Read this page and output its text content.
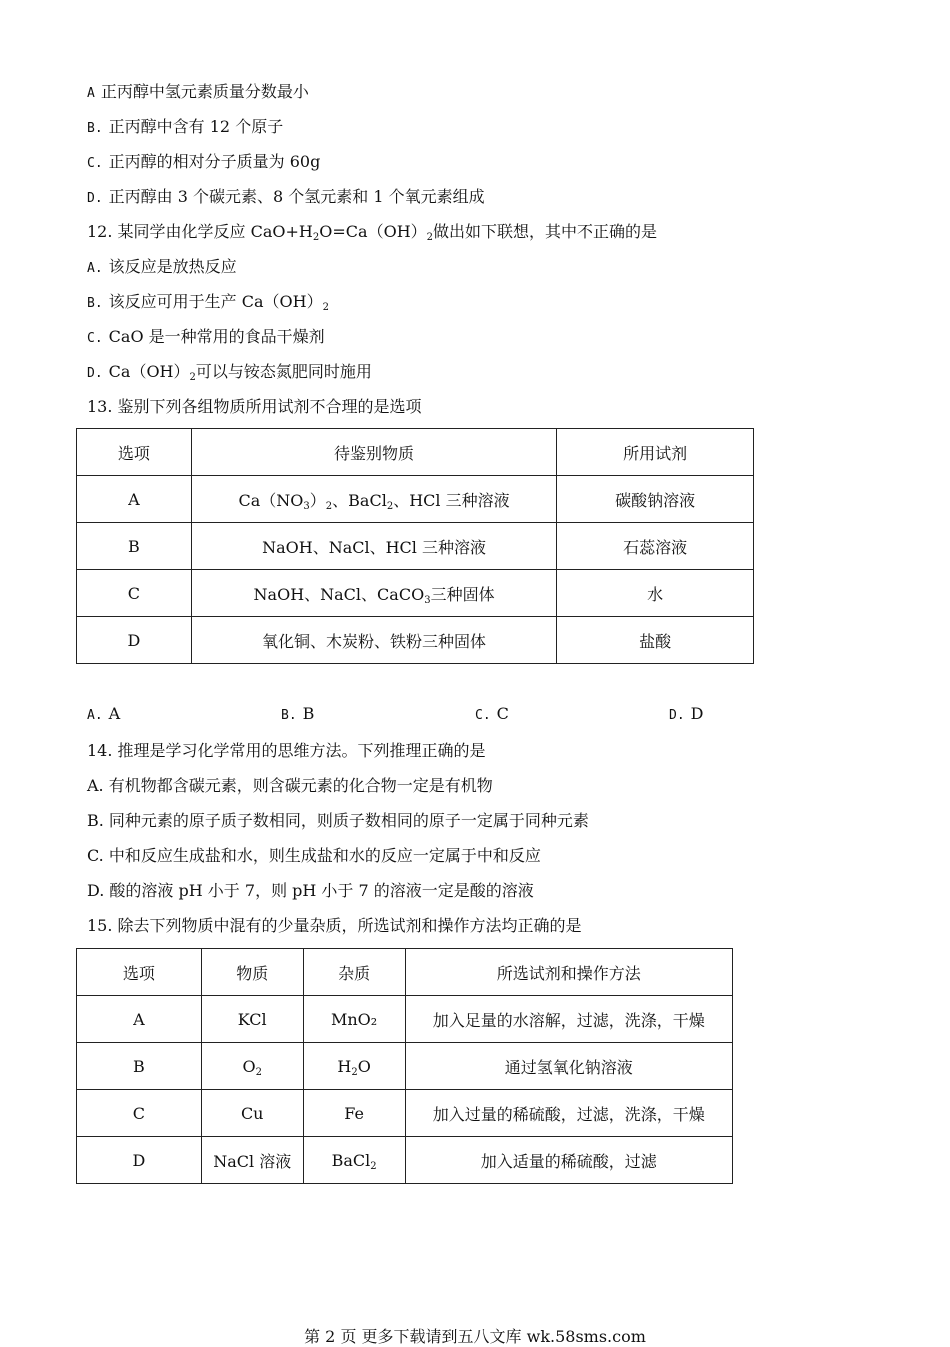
A 正丙醇中氢元素质量分数最小
B. 正丙醇中含有 12 个原子
C. 正丙醇的相对分子质量为 60g
D. 正丙醇由 3 个碳元素、8 个氢元素和 1 个氧元素组成
12. 某同学由化学反应 $CaO+H_2O=Ca(OH)_2$做出如下联想，其中不正确的是
A. 该反应是放热反应
B. 该反应可用于生产 $Ca(OH)_2$
C. CaO 是一种常用的食品干燥剂
D. $Ca(OH)_2$可以与铵态氮肥同时施用
13. 鉴别下列各组物质所用试剂不合理的是选项
选项	待鉴别物质	所用试剂
A	$Ca(NO_3)_2$、BaCl$_2$、HCl 三种溶液	碳酸钠溶液
B	NaOH、NaCl、HCl 三种溶液	石蕊溶液
C	NaOH、NaCl、CaCO$_3$三种固体	水
D	氧化铜、木炭粉、铁粉三种固体	盐酸
A. A	B. B	C. C	D. D
14. 推理是学习化学常用的思维方法。下列推理正确的是
A. 有机物都含碳元素，则含碳元素的化合物一定是有机物
B. 同种元素的原子质子数相同，则质子数相同的原子一定属于同种元素
C. 中和反应生成盐和水，则生成盐和水的反应一定属于中和反应
D. 酸的溶液 pH 小于 7，则 pH 小于 7 的溶液一定是酸的溶液
15. 除去下列物质中混有的少量杂质，所选试剂和操作方法均正确的是
选项	物质	杂质	所选试剂和操作方法
A	KCl	MnO₂	加入足量的水溶解，过滤，洗涤，干燥
B	$O_2$	$H_2O$	通过氢氧化钠溶液
C	Cu	Fe	加入过量的稀硫酸，过滤，洗涤，干燥
D	NaCl 溶液	BaCl$_2$	加入适量的稀硫酸，过滤
第 2 页 更多下载请到五八文库 wk.58sms.com
